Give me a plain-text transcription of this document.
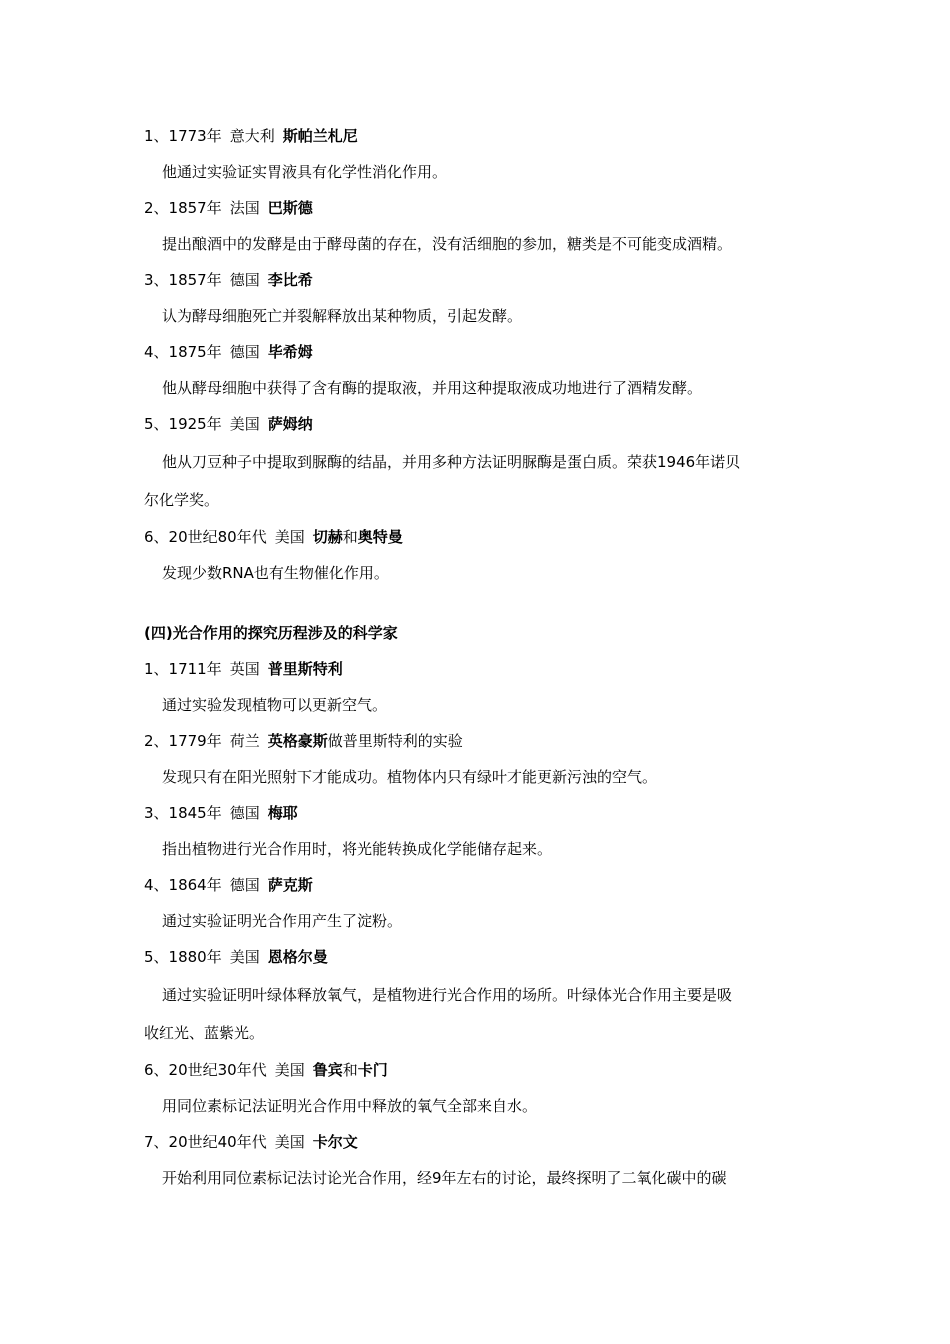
1、1773年 意大利 斯帕兰札尼
他通过实验证实胃液具有化学性消化作用。
2、1857年 法国 巴斯德
提出酿酒中的发酵是由于酵母菌的存在，没有活细胞的参加，糖类是不可能变成酒精。
3、1857年 德国 李比希
认为酵母细胞死亡并裂解释放出某种物质，引起发酵。
4、1875年 德国 毕希姆
他从酵母细胞中获得了含有酶的提取液，并用这种提取液成功地进行了酒精发酵。
5、1925年 美国 萨姆纳
他从刀豆种子中提取到脲酶的结晶，并用多种方法证明脲酶是蛋白质。荣获1946年诺贝
尔化学奖。
6、20世纪80年代 美国 切赫和奥特曼
发现少数RNA也有生物催化作用。
(四)光合作用的探究历程涉及的科学家
1、1711年 英国 普里斯特利
通过实验发现植物可以更新空气。
2、1779年 荷兰 英格豪斯做普里斯特利的实验
发现只有在阳光照射下才能成功。植物体内只有绿叶才能更新污浊的空气。
3、1845年 德国 梅耶
指出植物进行光合作用时，将光能转换成化学能储存起来。
4、1864年 德国 萨克斯
通过实验证明光合作用产生了淀粉。
5、1880年 美国 恩格尔曼
通过实验证明叶绿体释放氧气，是植物进行光合作用的场所。叶绿体光合作用主要是吸
收红光、蓝紫光。
6、20世纪30年代 美国 鲁宾和卡门
用同位素标记法证明光合作用中释放的氧气全部来自水。
7、20世纪40年代 美国 卡尔文
开始利用同位素标记法讨论光合作用，经9年左右的讨论，最终探明了二氧化碳中的碳
